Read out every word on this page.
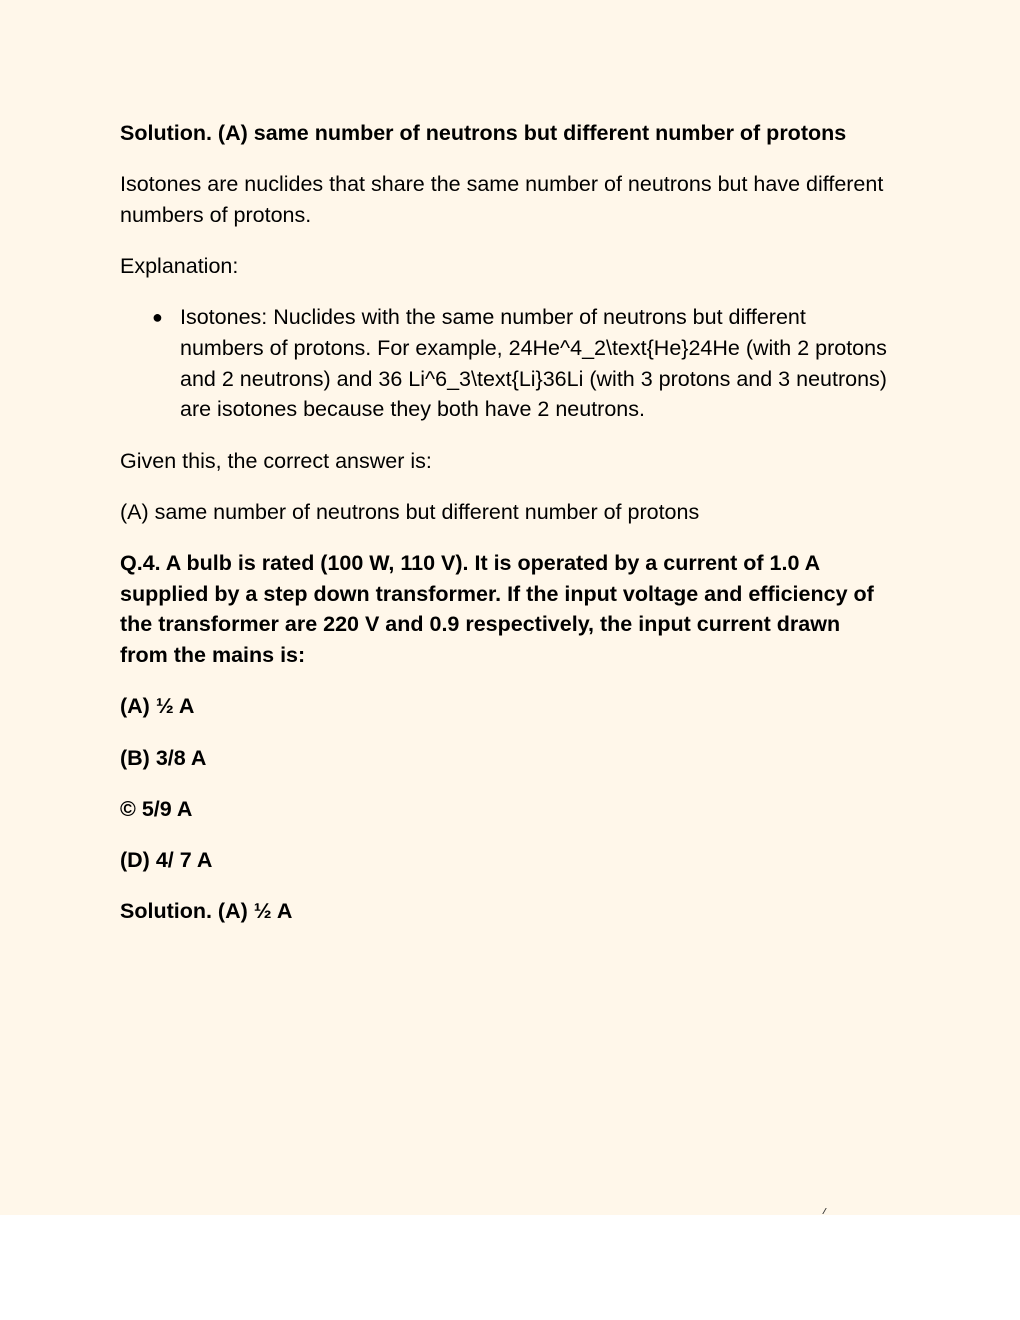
Solution. (A) same number of neutrons but different number of protons

Isotones are nuclides that share the same number of neutrons but have different numbers of protons.

Explanation:

● Isotones: Nuclides with the same number of neutrons but different numbers of protons. For example, 24He^4_2\text{He}24He (with 2 protons and 2 neutrons) and 36 Li^6_3\text{Li}36Li (with 3 protons and 3 neutrons) are isotones because they both have 2 neutrons.

Given this, the correct answer is:

(A) same number of neutrons but different number of protons

Q.4. A bulb is rated (100 W, 110 V). It is operated by a current of 1.0 A supplied by a step down transformer. If the input voltage and efficiency of the transformer are 220 V and 0.9 respectively, the input current drawn from the mains is:

(A) ½ A

(B) 3/8 A

© 5/9 A

(D) 4/ 7 A

Solution. (A) ½ A
